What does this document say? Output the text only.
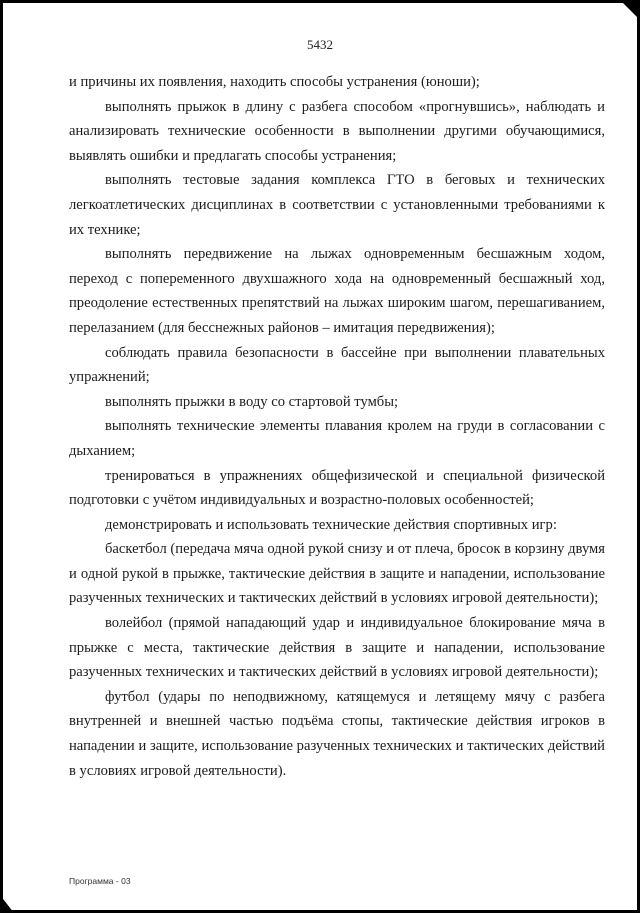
5432

и причины их появления, находить способы устранения (юноши);

выполнять прыжок в длину с разбега способом «прогнувшись», наблюдать и анализировать технические особенности в выполнении другими обучающимися, выявлять ошибки и предлагать способы устранения;

выполнять тестовые задания комплекса ГТО в беговых и технических легкоатлетических дисциплинах в соответствии с установленными требованиями к их технике;

выполнять передвижение на лыжах одновременным бесшажным ходом, переход с попеременного двухшажного хода на одновременный бесшажный ход, преодоление естественных препятствий на лыжах широким шагом, перешагиванием, перелазанием (для бесснежных районов – имитация передвижения);

соблюдать правила безопасности в бассейне при выполнении плавательных упражнений;

выполнять прыжки в воду со стартовой тумбы;

выполнять технические элементы плавания кролем на груди в согласовании с дыханием;

тренироваться в упражнениях общефизической и специальной физической подготовки с учётом индивидуальных и возрастно-половых особенностей;

демонстрировать и использовать технические действия спортивных игр:

баскетбол (передача мяча одной рукой снизу и от плеча, бросок в корзину двумя и одной рукой в прыжке, тактические действия в защите и нападении, использование разученных технических и тактических действий в условиях игровой деятельности);

волейбол (прямой нападающий удар и индивидуальное блокирование мяча в прыжке с места, тактические действия в защите и нападении, использование разученных технических и тактических действий в условиях игровой деятельности);

футбол (удары по неподвижному, катящемуся и летящему мячу с разбега внутренней и внешней частью подъёма стопы, тактические действия игроков в нападении и защите, использование разученных технических и тактических действий в условиях игровой деятельности).

Программа - 03
